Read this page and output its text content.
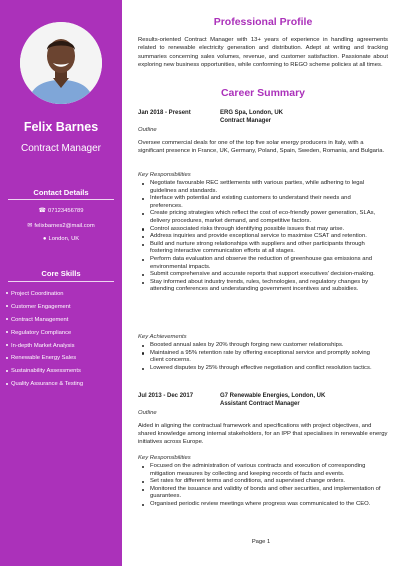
Felix Barnes
Contract Manager
Contact Details
☎ 07123456789
✉ felixbarnes2@mail.com
● London, UK
Core Skills
Project Coordination
Customer Engagement
Contract Management
Regulatory Compliance
In-depth Market Analysis
Renewable Energy Sales
Sustainability Assessments
Quality Assurance & Testing
Professional Profile
Results-oriented Contract Manager with 13+ years of experience in handling agreements related to renewable electricity generation and distribution. Adept at writing and tracking summaries concerning sales volumes, revenue, and customer satisfaction. Passionate about exploring new business opportunities, while conforming to REGO scheme policies at all times.
Career Summary
Jan 2018 - Present	ERG Spa, London, UK
Contract Manager
Outline
Oversee commercial deals for one of the top five solar energy producers in Italy, with a significant presence in France, UK, Germany, Poland, Spain, Sweden, Romania, and Bulgaria.
Key Responsibilities
Negotiate favourable REC settlements with various parties, while adhering to legal guidelines and standards.
Interface with potential and existing customers to understand their needs and preferences.
Create pricing strategies which reflect the cost of eco-friendly power generation, SLAs, delivery procedures, market demand, and competitive factors.
Control associated risks through identifying possible issues that may arise.
Address inquiries and provide exceptional service to maximise CSAT and retention.
Build and nurture strong relationships with suppliers and other participants through fostering interactive communication efforts at all stages.
Perform data evaluation and observe the reduction of greenhouse gas emissions and environmental impacts.
Submit comprehensive and accurate reports that support executives' decision-making.
Stay informed about industry trends, rules, technologies, and regulatory changes by attending conferences and understanding government incentives and subsidies.
Key Achievements
Boosted annual sales by 20% through forging new customer relationships.
Maintained a 95% retention rate by offering exceptional service and promptly solving client concerns.
Lowered disputes by 25% through effective negotiation and conflict resolution tactics.
Jul 2013 - Dec 2017	G7 Renewable Energies, London, UK
Assistant Contract Manager
Outline
Aided in aligning the contractual framework and specifications with project objectives, and shared knowledge among internal stakeholders, for an IPP that specialises in renewable energy initiatives across Europe.
Key Responsibilities
Focused on the administration of various contracts and execution of corresponding mitigation measures by collecting and keeping records of facts and events.
Set rates for different terms and conditions, and supervised change orders.
Monitored the issuance and validity of bonds and other securities, and implementation of guarantees.
Organised periodic review meetings where progress was communicated to the CEO.
Page 1
